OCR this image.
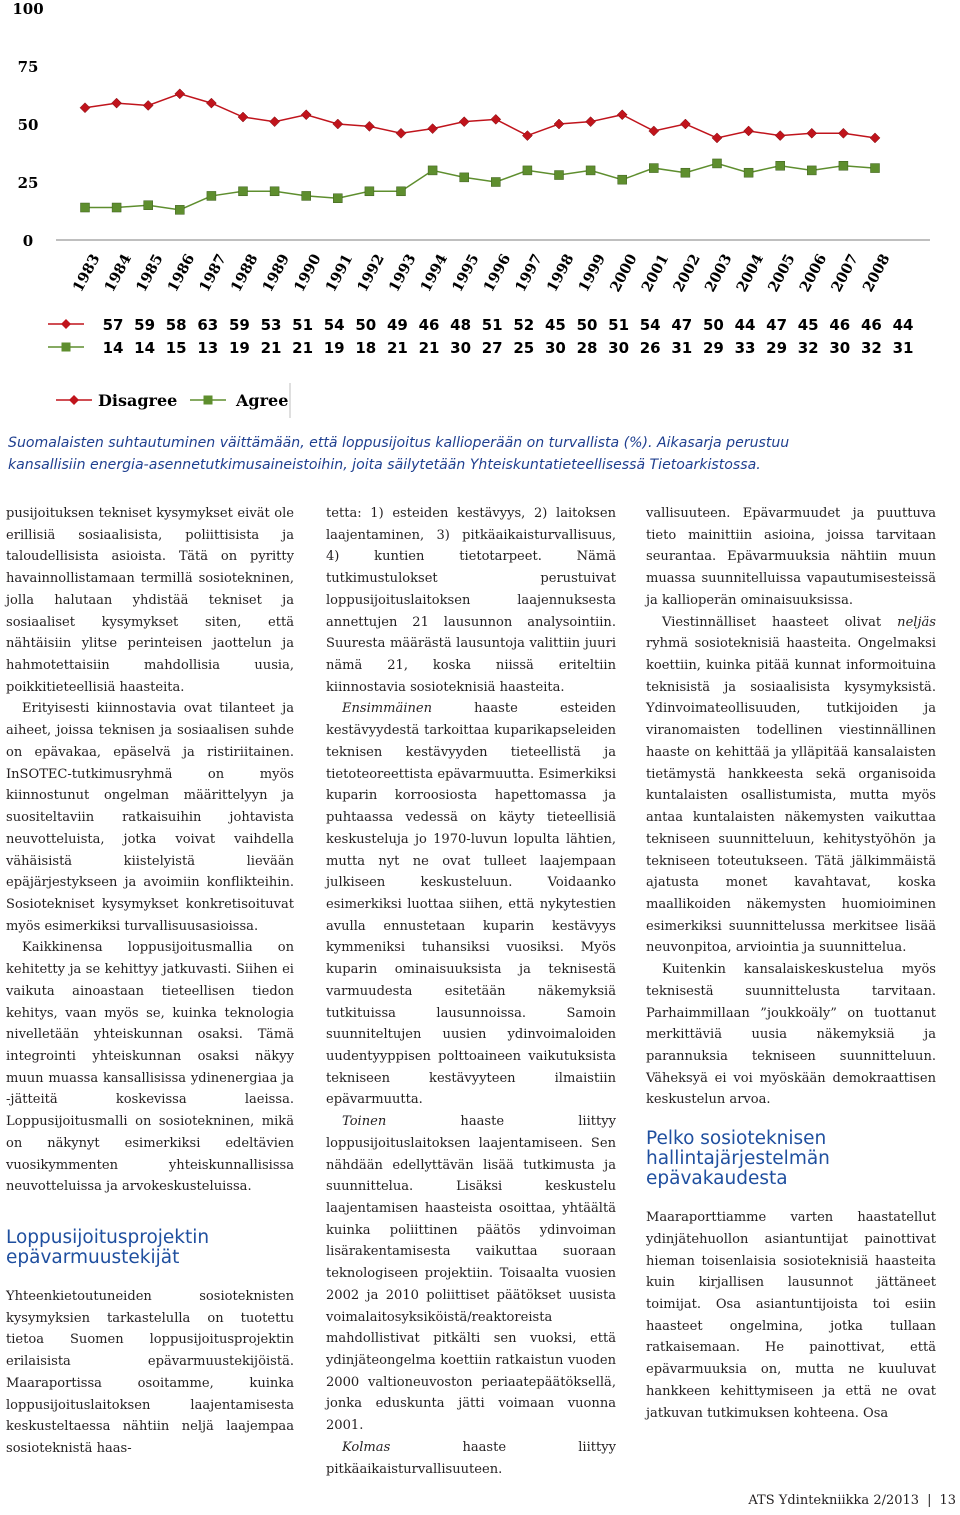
0
25
50
75
100
1983
1984
1985
1986
1987
1988
1989
1990
1991
1992
1993
1994
1995
1996
1997
1998
1999
2000
2001
2002
2003
2004
2005
2006
2007
2008
57 59 58 63 59 53 51 54 50 49 46 48 51 52 45 50 51 54 47 50 44 47 45 46 46 44
14 14 15 13 19 21 21 19 18 21 21 30 27 25 30 28 30 26 31 29 33 29 32 30 32 31
Disagree	Agree
Suomalaisten suhtautuminen väittämään, että loppusijoitus kallioperään on turvallista (%). Aikasarja perustuu
kansallisiin energia-asennetutkimusaineistoihin, joita säilytetään Yhteiskuntatieteellisessä Tietoarkistossa.

pusijoituksen tekniset kysymykset eivät ole erillisiä sosiaalisista, poliittisista ja taloudellisista asioista. Tätä on pyritty havainnollistamaan termillä sosiotekninen, jolla halutaan yhdistää tekniset ja sosiaaliset kysymykset siten, että nähtäisiin ylitse perinteisen jaottelun ja hahmotettaisiin mahdollisia uusia, poikkitieteellisiä haasteita.

Erityisesti kiinnostavia ovat tilanteet ja aiheet, joissa teknisen ja sosiaalisen suhde on epävakaa, epäselvä ja ristiriitainen. InSOTEC-tutkimusryhmä on myös kiinnostunut ongelman määrittelyyn ja suositeltaviin ratkaisuihin johtavista neuvotteluista, jotka voivat vaihdella vähäisistä kiistelyistä lievään epäjärjestykseen ja avoimiin konflikteihin. Sosiotekniset kysymykset konkretisoituvat myös esimerkiksi turvallisuusasioissa.

Kaikkinensa loppusijoitusmallia on kehitetty ja se kehittyy jatkuvasti. Siihen ei vaikuta ainoastaan tieteellisen tiedon kehitys, vaan myös se, kuinka teknologia nivelletään yhteiskunnan osaksi. Tämä integrointi yhteiskunnan osaksi näkyy muun muassa kansallisissa ydinenergiaa ja -jätteitä koskevissa laeissa. Loppusijoitusmalli on sosiotekninen, mikä on näkynyt esimerkiksi edeltävien vuosikymmenten yhteiskunnallisissa neuvotteluissa ja arvokeskusteluissa.

Loppusijoitusprojektin epävarmuustekijät

Yhteenkietoutuneiden sosioteknisten kysymyksien tarkastelulla on tuotettu tietoa Suomen loppusijoitusprojektin erilaisista epävarmuustekijöistä. Maaraportissa osoitamme, kuinka loppusijoituslaitoksen laajentamisesta keskusteltaessa nähtiin neljä laajempaa sosioteknistä haas-

tetta: 1) esteiden kestävyys, 2) laitoksen laajentaminen, 3) pitkäaikaisturvallisuus, 4) kuntien tietotarpeet. Nämä tutkimustulokset perustuivat loppusijoituslaitoksen laajennuksesta annettujen 21 lausunnon analysointiin. Suuresta määrästä lausuntoja valittiin juuri nämä 21, koska niissä eriteltiin kiinnostavia sosioteknisiä haasteita.

Ensimmäinen haaste esteiden kestävyydestä tarkoittaa kuparikapseleiden teknisen kestävyyden tieteellistä ja tietoteoreettista epävarmuutta. Esimerkiksi kuparin korroosiosta hapettomassa ja puhtaassa vedessä on käyty tieteellisiä keskusteluja jo 1970-luvun lopulta lähtien, mutta nyt ne ovat tulleet laajempaan julkiseen keskusteluun. Voidaanko esimerkiksi luottaa siihen, että nykytestien avulla ennustetaan kuparin kestävyys kymmeniksi tuhansiksi vuosiksi. Myös kuparin ominaisuuksista ja teknisestä varmuudesta esitetään näkemyksiä tutkituissa lausunnoissa. Samoin suunniteltujen uusien ydinvoimaloiden uudentyyppisen polttoaineen vaikutuksista tekniseen kestävyyteen ilmaistiin epävarmuutta.

Toinen haaste liittyy loppusijoituslaitoksen laajentamiseen. Sen nähdään edellyttävän lisää tutkimusta ja suunnittelua. Lisäksi keskustelu laajentamisen haasteista osoittaa, yhtäältä kuinka poliittinen päätös ydinvoiman lisärakentamisesta vaikuttaa suoraan teknologiseen projektiin. Toisaalta vuosien 2002 ja 2010 poliittiset päätökset uusista voimalaitosyksiköistä/reaktoreista mahdollistivat pitkälti sen vuoksi, että ydinjäteongelma koettiin ratkaistun vuoden 2000 valtioneuvoston periaatepäätöksellä, jonka eduskunta jätti voimaan vuonna 2001.

Kolmas haaste liittyy pitkäaikaisturvallisuuteen.

vallisuuteen. Epävarmuudet ja puuttuva tieto mainittiin asioina, joissa tarvitaan seurantaa. Epävarmuuksia nähtiin muun muassa suunnitelluissa vapautumisesteissä ja kallioperän ominaisuuksissa.

Viestinnälliset haasteet olivat neljäs ryhmä sosioteknisiä haasteita. Ongelmaksi koettiin, kuinka pitää kunnat informoituina teknisistä ja sosiaalisista kysymyksistä. Ydinvoimateollisuuden, tutkijoiden ja viranomaisten todellinen viestinnällinen haaste on kehittää ja ylläpitää kansalaisten tietämystä hankkeesta sekä organisoida kuntalaisten osallistumista, mutta myös antaa kuntalaisten näkemysten vaikuttaa tekniseen suunnitteluun, kehitystyöhön ja tekniseen toteutukseen. Tätä jälkimmäistä ajatusta monet kavahtavat, koska maallikoiden näkemysten huomioiminen esimerkiksi suunnittelussa merkitsee lisää neuvonpitoa, arviointia ja suunnittelua.

Kuitenkin kansalaiskeskustelua myös teknisestä suunnittelusta tarvitaan. Parhaimmillaan ”joukkoäly” on tuottanut merkittäviä uusia näkemyksiä ja parannuksia tekniseen suunnitteluun. Väheksyä ei voi myöskään demokraattisen keskustelun arvoa.

Pelko sosioteknisen hallintajärjestelmän epävakaudesta

Maaraporttiamme varten haastatellut ydinjätehuollon asiantuntijat painottivat hieman toisenlaisia sosioteknisiä haasteita kuin kirjallisen lausunnot jättäneet toimijat. Osa asiantuntijoista toi esiin haasteet ongelmina, jotka tullaan ratkaisemaan. He painottivat, että epävarmuuksia on, mutta ne kuuluvat hankkeen kehittymiseen ja että ne ovat jatkuvan tutkimuksen kohteena. Osa

ATS Ydintekniikka 2/2013 | 13
